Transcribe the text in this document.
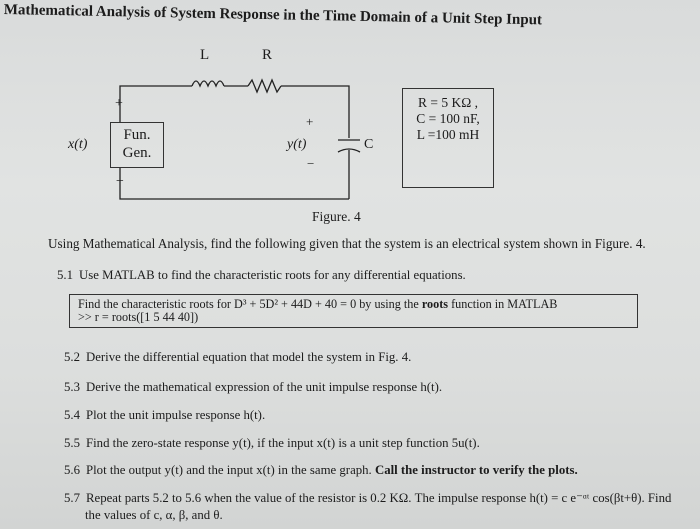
Mathematical Analysis of System Response in the Time Domain of a Unit Step Input
L	R
C
+
−
+
−
x(t)	y(t)
Fun.
Gen.
R = 5 KΩ ,
C = 100 nF,
L =100 mH
Figure. 4
Using Mathematical Analysis, find the following given that the system is an electrical system shown in Figure. 4.
5.1 Use MATLAB to find the characteristic roots for any differential equations.
Find the characteristic roots for D³ + 5D² + 44D + 40 = 0 by using the roots function in MATLAB
>> r = roots([1 5 44 40])
5.2 Derive the differential equation that model the system in Fig. 4.
5.3 Derive the mathematical expression of the unit impulse response h(t).
5.4 Plot the unit impulse response h(t).
5.5 Find the zero-state response y(t), if the input x(t) is a unit step function 5u(t).
5.6 Plot the output y(t) and the input x(t) in the same graph. Call the instructor to verify the plots.
5.7 Repeat parts 5.2 to 5.6 when the value of the resistor is 0.2 KΩ. The impulse response h(t) = c e⁻ᵅᵗ cos(βt+θ). Find
the values of c, α, β, and θ.
